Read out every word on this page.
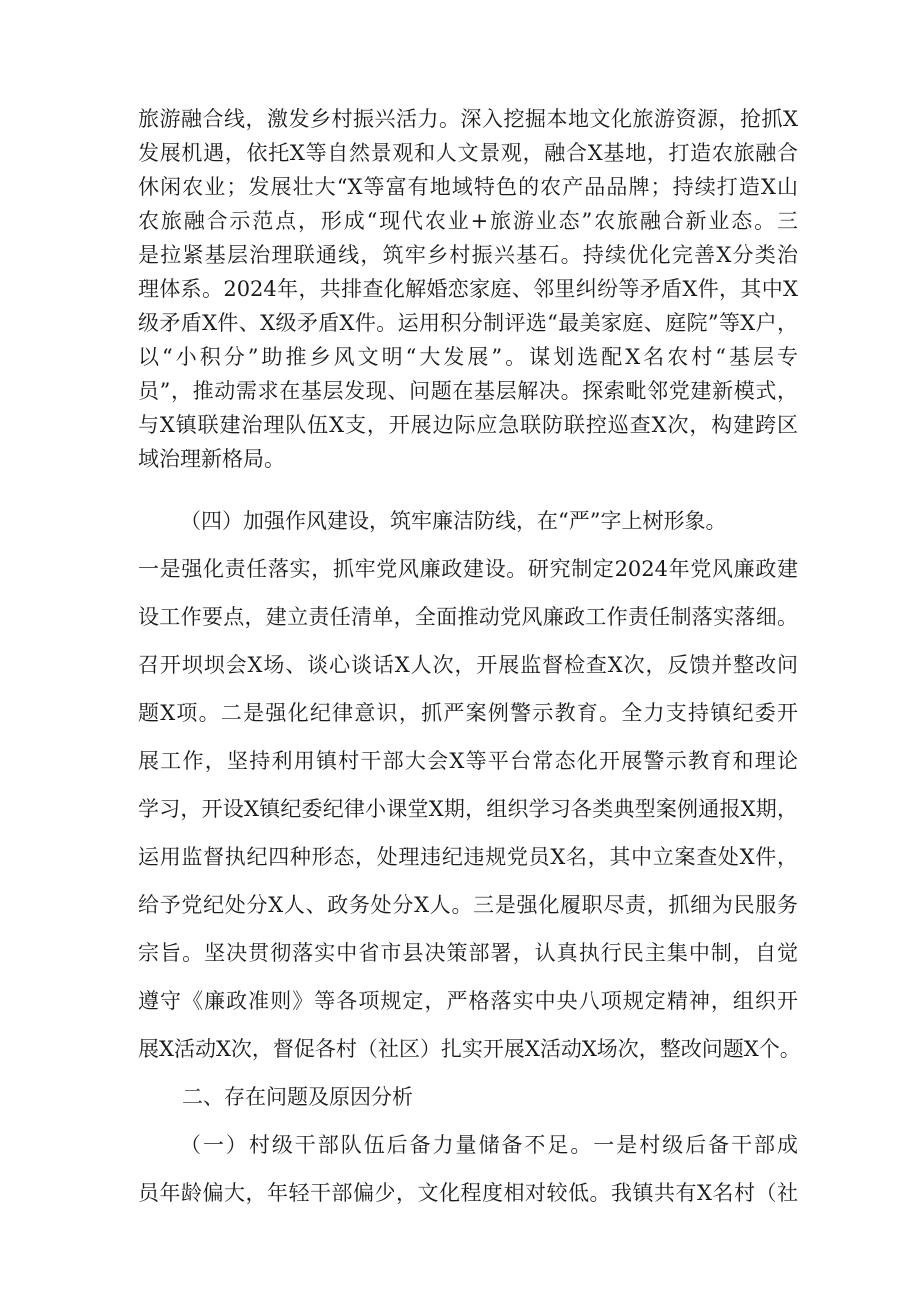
旅游融合线，激发乡村振兴活力。深入挖掘本地文化旅游资源，抢抓X

发展机遇，依托X等自然景观和人文景观，融合X基地，打造农旅融合

休闲农业；发展壮大“X等富有地域特色的农产品品牌；持续打造X山

农旅融合示范点，形成“现代农业+旅游业态”农旅融合新业态。三

是拉紧基层治理联通线，筑牢乡村振兴基石。持续优化完善X分类治

理体系。2024年，共排查化解婚恋家庭、邻里纠纷等矛盾X件，其中X

级矛盾X件、X级矛盾X件。运用积分制评选“最美家庭、庭院”等X户，

以“小积分”助推乡风文明“大发展”。谋划选配X名农村“基层专

员”，推动需求在基层发现、问题在基层解决。探索毗邻党建新模式，

与X镇联建治理队伍X支，开展边际应急联防联控巡查X次，构建跨区

域治理新格局。

（四）加强作风建设，筑牢廉洁防线，在“严”字上树形象。

一是强化责任落实，抓牢党风廉政建设。研究制定2024年党风廉政建

设工作要点，建立责任清单，全面推动党风廉政工作责任制落实落细。

召开坝坝会X场、谈心谈话X人次，开展监督检查X次，反馈并整改问

题X项。二是强化纪律意识，抓严案例警示教育。全力支持镇纪委开

展工作，坚持利用镇村干部大会X等平台常态化开展警示教育和理论

学习，开设X镇纪委纪律小课堂X期，组织学习各类典型案例通报X期，

运用监督执纪四种形态，处理违纪违规党员X名，其中立案查处X件，

给予党纪处分X人、政务处分X人。三是强化履职尽责，抓细为民服务

宗旨。坚决贯彻落实中省市县决策部署，认真执行民主集中制，自觉

遵守《廉政准则》等各项规定，严格落实中央八项规定精神，组织开

展X活动X次，督促各村（社区）扎实开展X活动X场次，整改问题X个。

二、存在问题及原因分析

（一）村级干部队伍后备力量储备不足。一是村级后备干部成

员年龄偏大，年轻干部偏少，文化程度相对较低。我镇共有X名村（社
